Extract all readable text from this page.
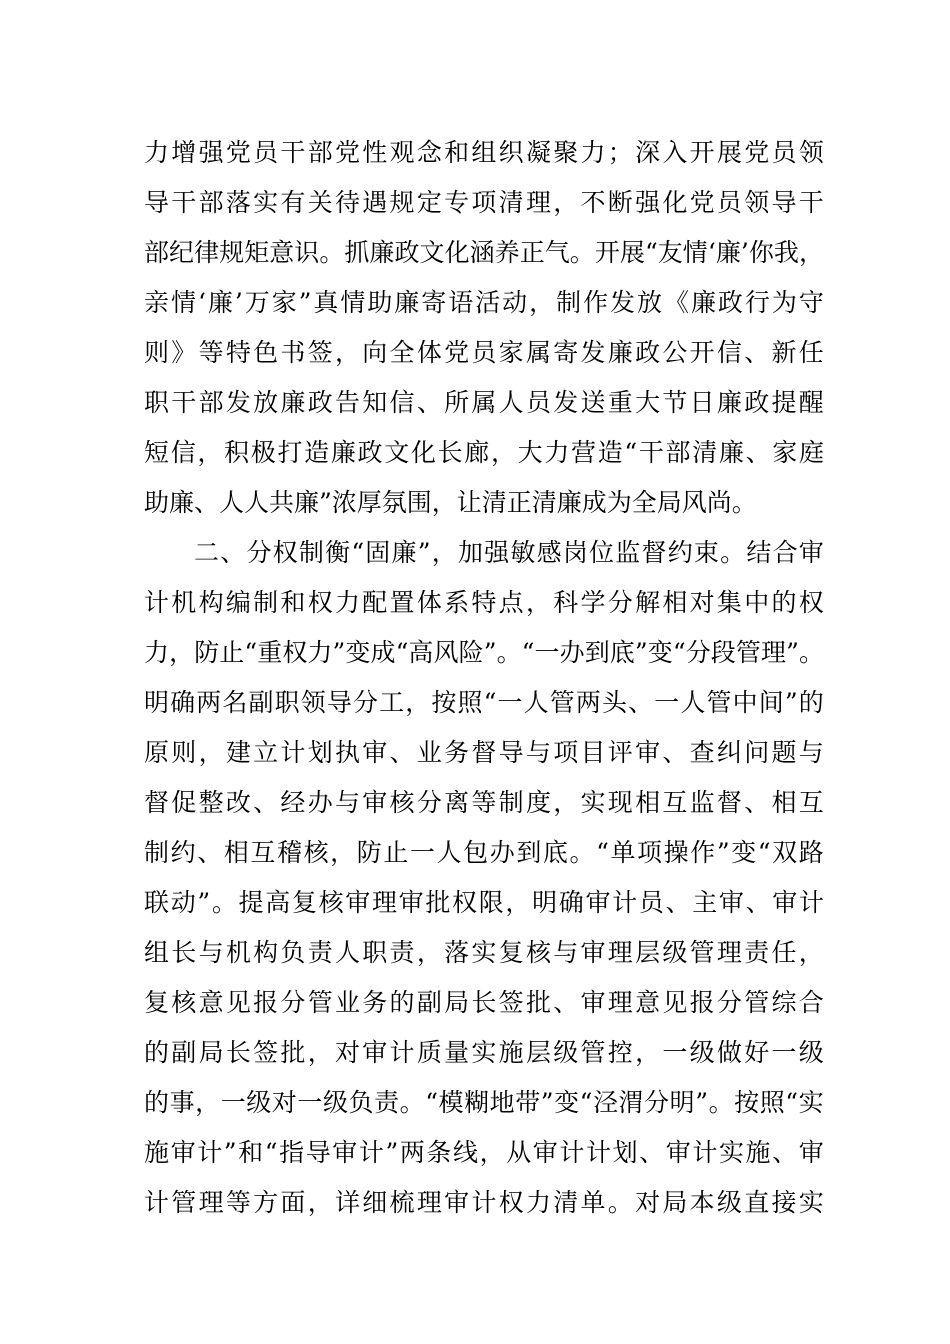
力 增 强 党 员 干 部 党 性 观 念 和 组 织 凝 聚 力 ； 深 入 开 展 党 员 领
导 干 部 落 实 有 关 待 遇 规 定 专 项 清 理 ， 不 断 强 化 党 员 领 导 干
部 纪 律 规 矩 意 识 。 抓 廉 政 文 化 涵 养 正 气 。 开 展 “ 友 情 ‘ 廉 ’ 你 我 ，
亲 情 ‘ 廉 ’ 万 家 ” 真 情 助 廉 寄 语 活 动 ， 制 作 发 放 《 廉 政 行 为 守
则 》 等 特 色 书 签 ， 向 全 体 党 员 家 属 寄 发 廉 政 公 开 信 、 新 任
职 干 部 发 放 廉 政 告 知 信 、 所 属 人 员 发 送 重 大 节 日 廉 政 提 醒
短 信 ， 积 极 打 造 廉 政 文 化 长 廊 ， 大 力 营 造 “ 干 部 清 廉 、 家 庭
助廉、人人共廉”浓厚氛围，让清正清廉成为全局风尚。
二 、 分 权 制 衡 “ 固 廉 ” ， 加 强 敏 感 岗 位 监 督 约 束 。 结 合 审
计 机 构 编 制 和 权 力 配 置 体 系 特 点 ， 科 学 分 解 相 对 集 中 的 权
力 ， 防 止 “ 重 权 力 ” 变 成 “ 高 风 险 ” 。 “ 一 办 到 底 ” 变 “ 分 段 管 理 ” 。
明 确 两 名 副 职 领 导 分 工 ， 按 照 “ 一 人 管 两 头 、 一 人 管 中 间 ” 的
原 则 ， 建 立 计 划 执 审 、 业 务 督 导 与 项 目 评 审 、 查 纠 问 题 与
督 促 整 改 、 经 办 与 审 核 分 离 等 制 度 ， 实 现 相 互 监 督 、 相 互
制 约 、 相 互 稽 核 ， 防 止 一 人 包 办 到 底 。 “ 单 项 操 作 ” 变 “ 双 路
联 动 ” 。 提 高 复 核 审 理 审 批 权 限 ， 明 确 审 计 员 、 主 审 、 审 计
组 长 与 机 构 负 责 人 职 责 ， 落 实 复 核 与 审 理 层 级 管 理 责 任 ，
复 核 意 见 报 分 管 业 务 的 副 局 长 签 批 、 审 理 意 见 报 分 管 综 合
的 副 局 长 签 批 ， 对 审 计 质 量 实 施 层 级 管 控 ， 一 级 做 好 一 级
的 事 ， 一 级 对 一 级 负 责 。 “ 模 糊 地 带 ” 变 “ 泾 渭 分 明 ” 。 按 照 “ 实
施 审 计 ” 和 “ 指 导 审 计 ” 两 条 线 ， 从 审 计 计 划 、 审 计 实 施 、 审
计 管 理 等 方 面 ， 详 细 梳 理 审 计 权 力 清 单 。 对 局 本 级 直 接 实
